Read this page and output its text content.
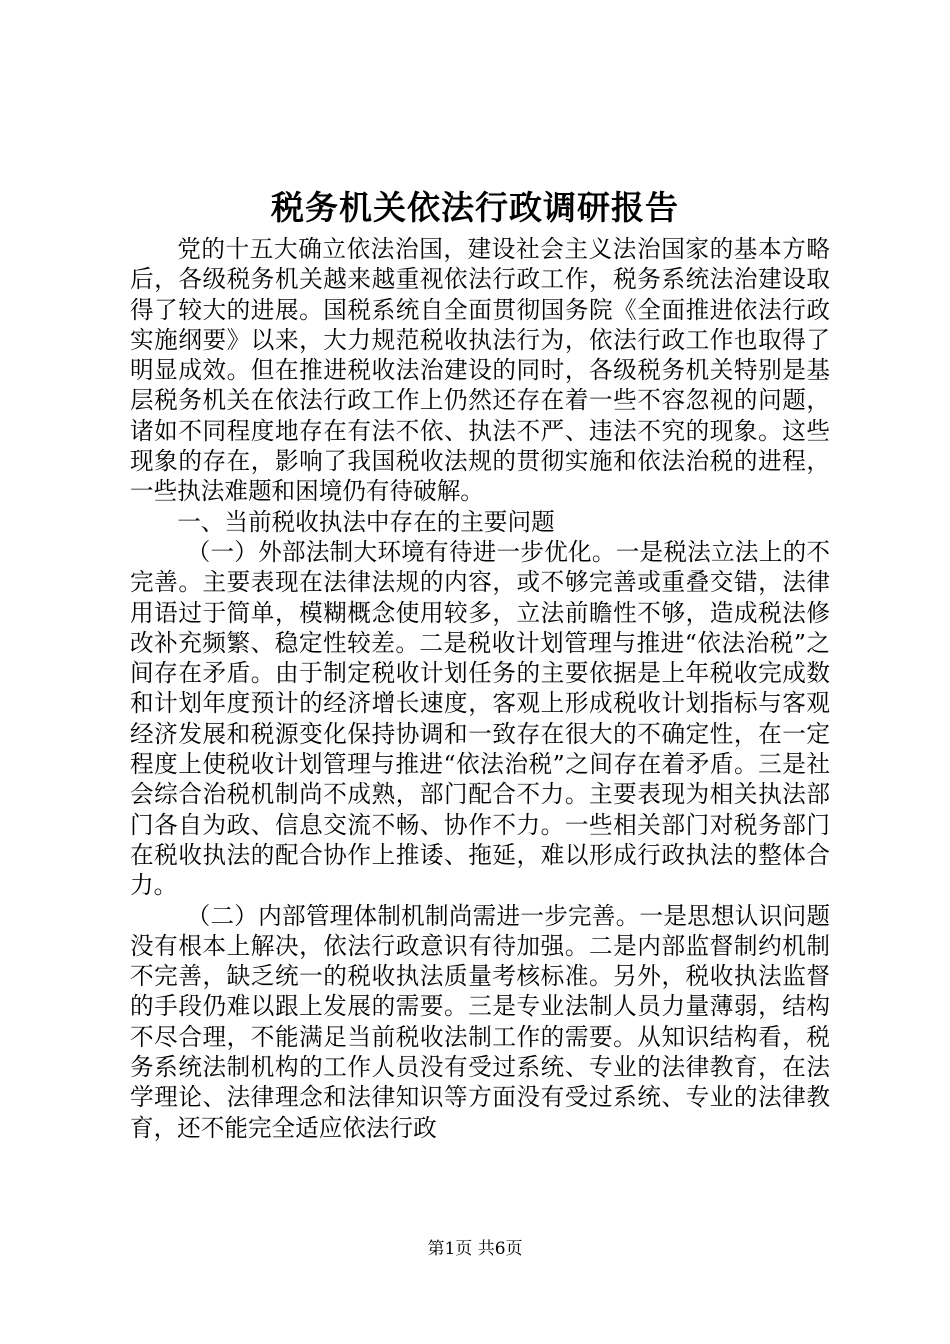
税务机关依法行政调研报告

党的十五大确立依法治国，建设社会主义法治国家的基本方略后，各级税务机关越来越重视依法行政工作，税务系统法治建设取得了较大的进展。国税系统自全面贯彻国务院《全面推进依法行政实施纲要》以来，大力规范税收执法行为，依法行政工作也取得了明显成效。但在推进税收法治建设的同时，各级税务机关特别是基层税务机关在依法行政工作上仍然还存在着一些不容忽视的问题，诸如不同程度地存在有法不依、执法不严、违法不究的现象。这些现象的存在，影响了我国税收法规的贯彻实施和依法治税的进程，一些执法难题和困境仍有待破解。

一、当前税收执法中存在的主要问题

（一）外部法制大环境有待进一步优化。一是税法立法上的不完善。主要表现在法律法规的内容，或不够完善或重叠交错，法律用语过于简单，模糊概念使用较多，立法前瞻性不够，造成税法修改补充频繁、稳定性较差。二是税收计划管理与推进“依法治税”之间存在矛盾。由于制定税收计划任务的主要依据是上年税收完成数和计划年度预计的经济增长速度，客观上形成税收计划指标与客观经济发展和税源变化保持协调和一致存在很大的不确定性，在一定程度上使税收计划管理与推进“依法治税”之间存在着矛盾。三是社会综合治税机制尚不成熟，部门配合不力。主要表现为相关执法部门各自为政、信息交流不畅、协作不力。一些相关部门对税务部门在税收执法的配合协作上推诿、拖延，难以形成行政执法的整体合力。

（二）内部管理体制机制尚需进一步完善。一是思想认识问题没有根本上解决，依法行政意识有待加强。二是内部监督制约机制不完善，缺乏统一的税收执法质量考核标准。另外，税收执法监督的手段仍难以跟上发展的需要。三是专业法制人员力量薄弱，结构不尽合理，不能满足当前税收法制工作的需要。从知识结构看，税务系统法制机构的工作人员没有受过系统、专业的法律教育，在法学理论、法律理念和法律知识等方面没有受过系统、专业的法律教育，还不能完全适应依法行政

第1页 共6页
